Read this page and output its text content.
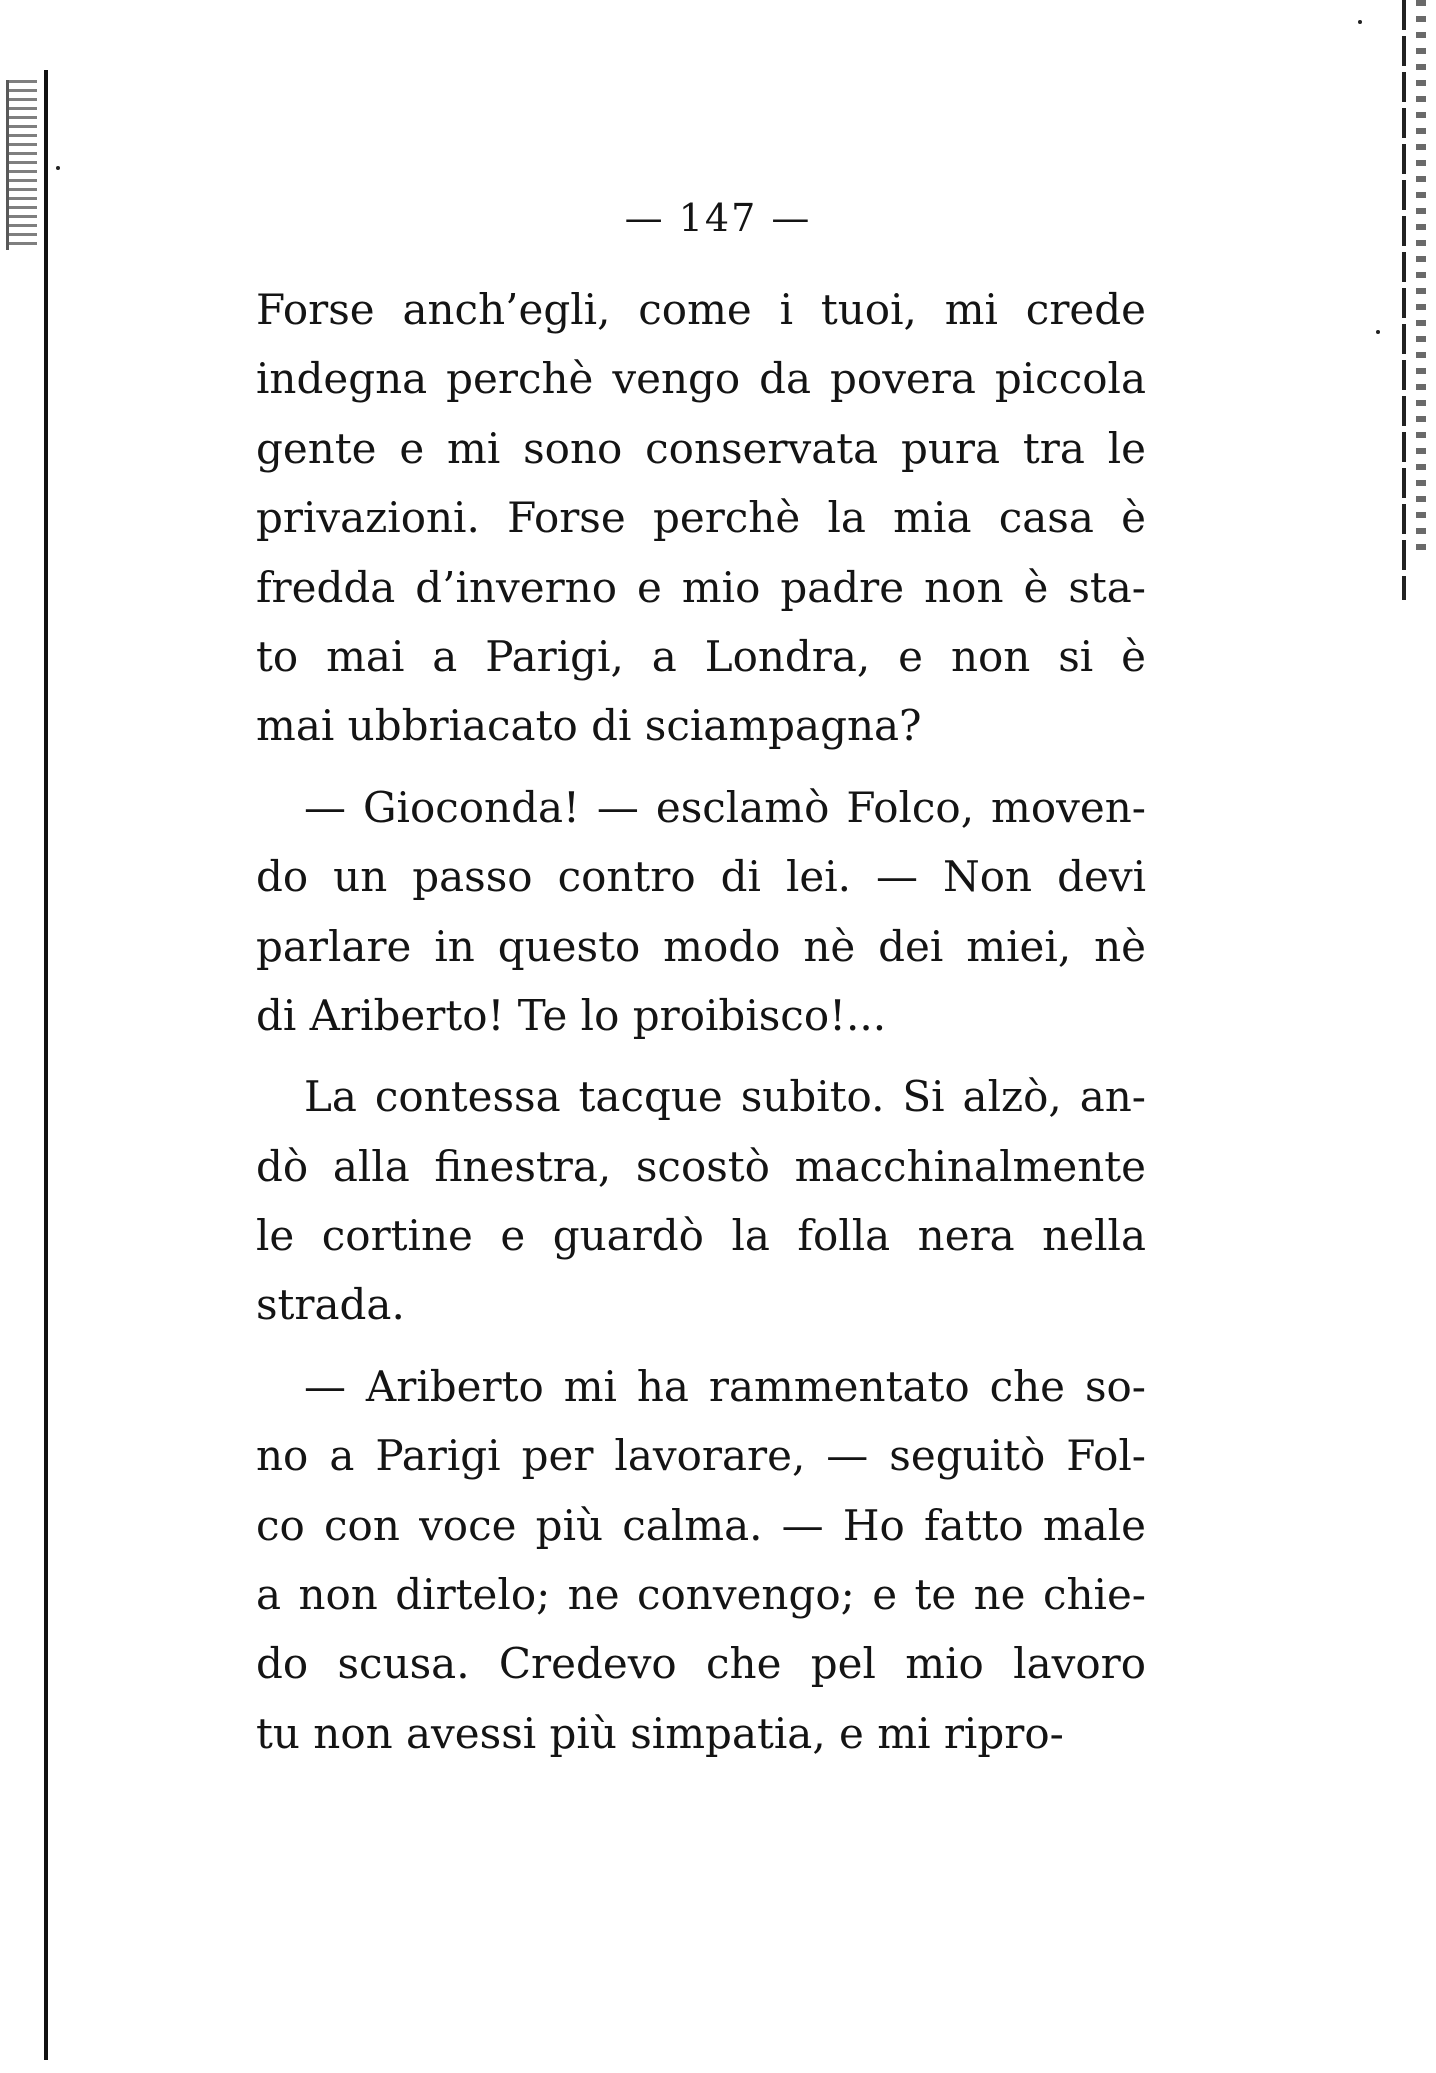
— 147 —
Forse anch’egli, come i tuoi, mi crede
indegna perchè vengo da povera piccola
gente e mi sono conservata pura tra le
privazioni. Forse perchè la mia casa è
fredda d’inverno e mio padre non è sta-
to mai a Parigi, a Londra, e non si è
mai ubbriacato di sciampagna?
— Gioconda! — esclamò Folco, moven-
do un passo contro di lei. — Non devi
parlare in questo modo nè dei miei, nè
di Ariberto! Te lo proibisco!...
La contessa tacque subito. Si alzò, an-
dò alla finestra, scostò macchinalmente
le cortine e guardò la folla nera nella
strada.
— Ariberto mi ha rammentato che so-
no a Parigi per lavorare, — seguitò Fol-
co con voce più calma. — Ho fatto male
a non dirtelo; ne convengo; e te ne chie-
do scusa. Credevo che pel mio lavoro
tu non avessi più simpatia, e mi ripro-
